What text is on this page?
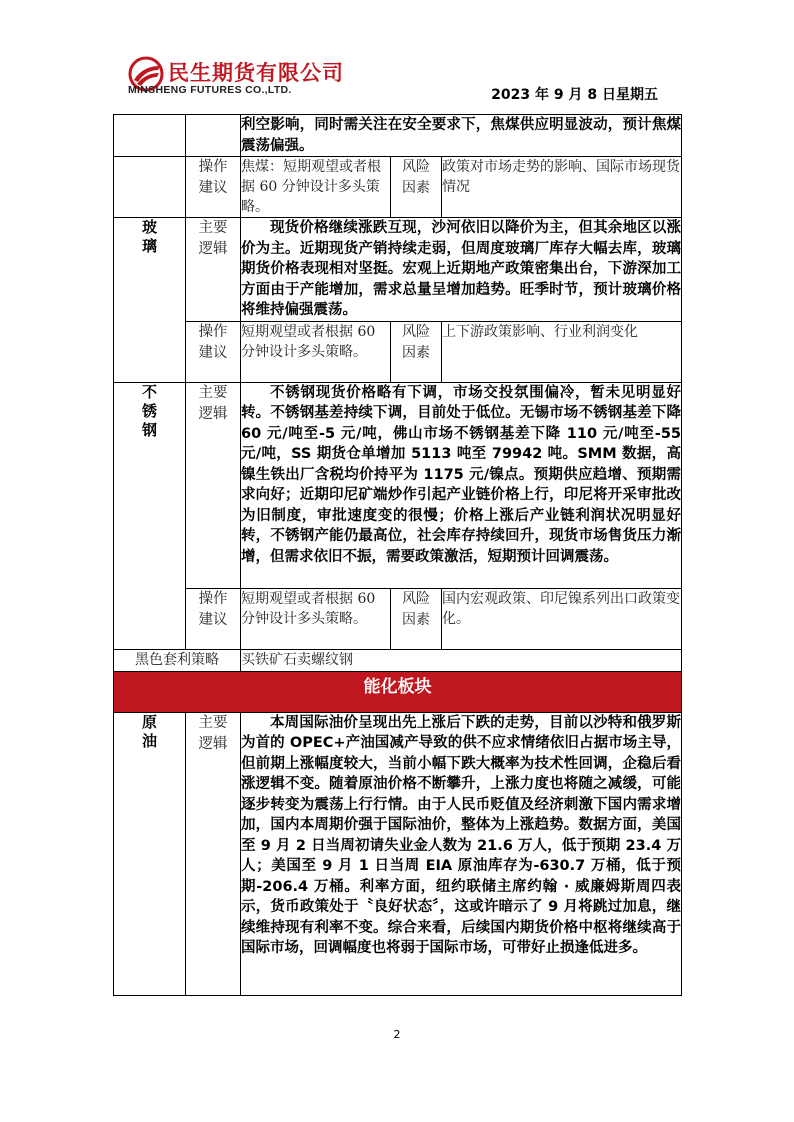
民生期货有限公司
MINSHENG FUTURES CO.,LTD.	2023 年 9 月 8 日星期五
		利空影响，同时需关注在安全要求下，焦煤供应明显波动，预计焦煤震荡偏强。		
	操作建议	焦煤：短期观望或者根据 60 分钟设计多头策略。	风险因素	政策对市场走势的影响、国际市场现货情况
玻璃	主要逻辑	现货价格继续涨跌互现，沙河依旧以降价为主，但其余地区以涨价为主。近期现货产销持续走弱，但周度玻璃厂库存大幅去库，玻璃期货价格表现相对坚挺。宏观上近期地产政策密集出台，下游深加工方面由于产能增加，需求总量呈增加趋势。旺季时节，预计玻璃价格将维持偏强震荡。		

	操作建议	短期观望或者根据 60 分钟设计多头策略。	风险因素	上下游政策影响、行业利润变化
不锈钢	主要逻辑	不锈钢现货价格略有下调，市场交投氛围偏冷，暂未见明显好转。不锈钢基差持续下调，目前处于低位。无锡市场不锈钢基差下降 60 元/吨至-5 元/吨，佛山市场不锈钢基差下降 110 元/吨至-55 元/吨，SS 期货仓单增加 5113 吨至 79942 吨。SMM 数据，高镍生铁出厂含税均价持平为 1175 元/镍点。预期供应趋增、预期需求向好；近期印尼矿端炒作引起产业链价格上行，印尼将开采审批改为旧制度，审批速度变的很慢；价格上涨后产业链利润状况明显好转，不锈钢产能仍最高位，社会库存持续回升，现货市场售货压力渐增，但需求依旧不振，需要政策激活，短期预计回调震荡。		

	操作建议	短期观望或者根据 60 分钟设计多头策略。	风险因素	国内宏观政策、印尼镍系列出口政策变化。
黑色套利策略		买铁矿石卖螺纹钢		
能化板块				
原油	主要逻辑	本周国际油价呈现出先上涨后下跌的走势，目前以沙特和俄罗斯为首的 OPEC+产油国减产导致的供不应求情绪依旧占据市场主导，但前期上涨幅度较大，当前小幅下跌大概率为技术性回调，企稳后看涨逻辑不变。随着原油价格不断攀升，上涨力度也将随之减缓，可能逐步转变为震荡上行行情。由于人民币贬值及经济刺激下国内需求增加，国内本周期价强于国际油价，整体为上涨趋势。数据方面，美国至 9 月 2 日当周初请失业金人数为 21.6 万人，低于预期 23.4 万人；美国至 9 月 1 日当周 EIA 原油库存为-630.7 万桶，低于预期-206.4 万桶。利率方面，纽约联储主席约翰 · 威廉姆斯周四表示，货币政策处于〝良好状态〞，这或许暗示了 9 月将跳过加息，继续维持现有利率不变。综合来看，后续国内期货价格中枢将继续高于国际市场，回调幅度也将弱于国际市场，可带好止损逢低进多。		
2
